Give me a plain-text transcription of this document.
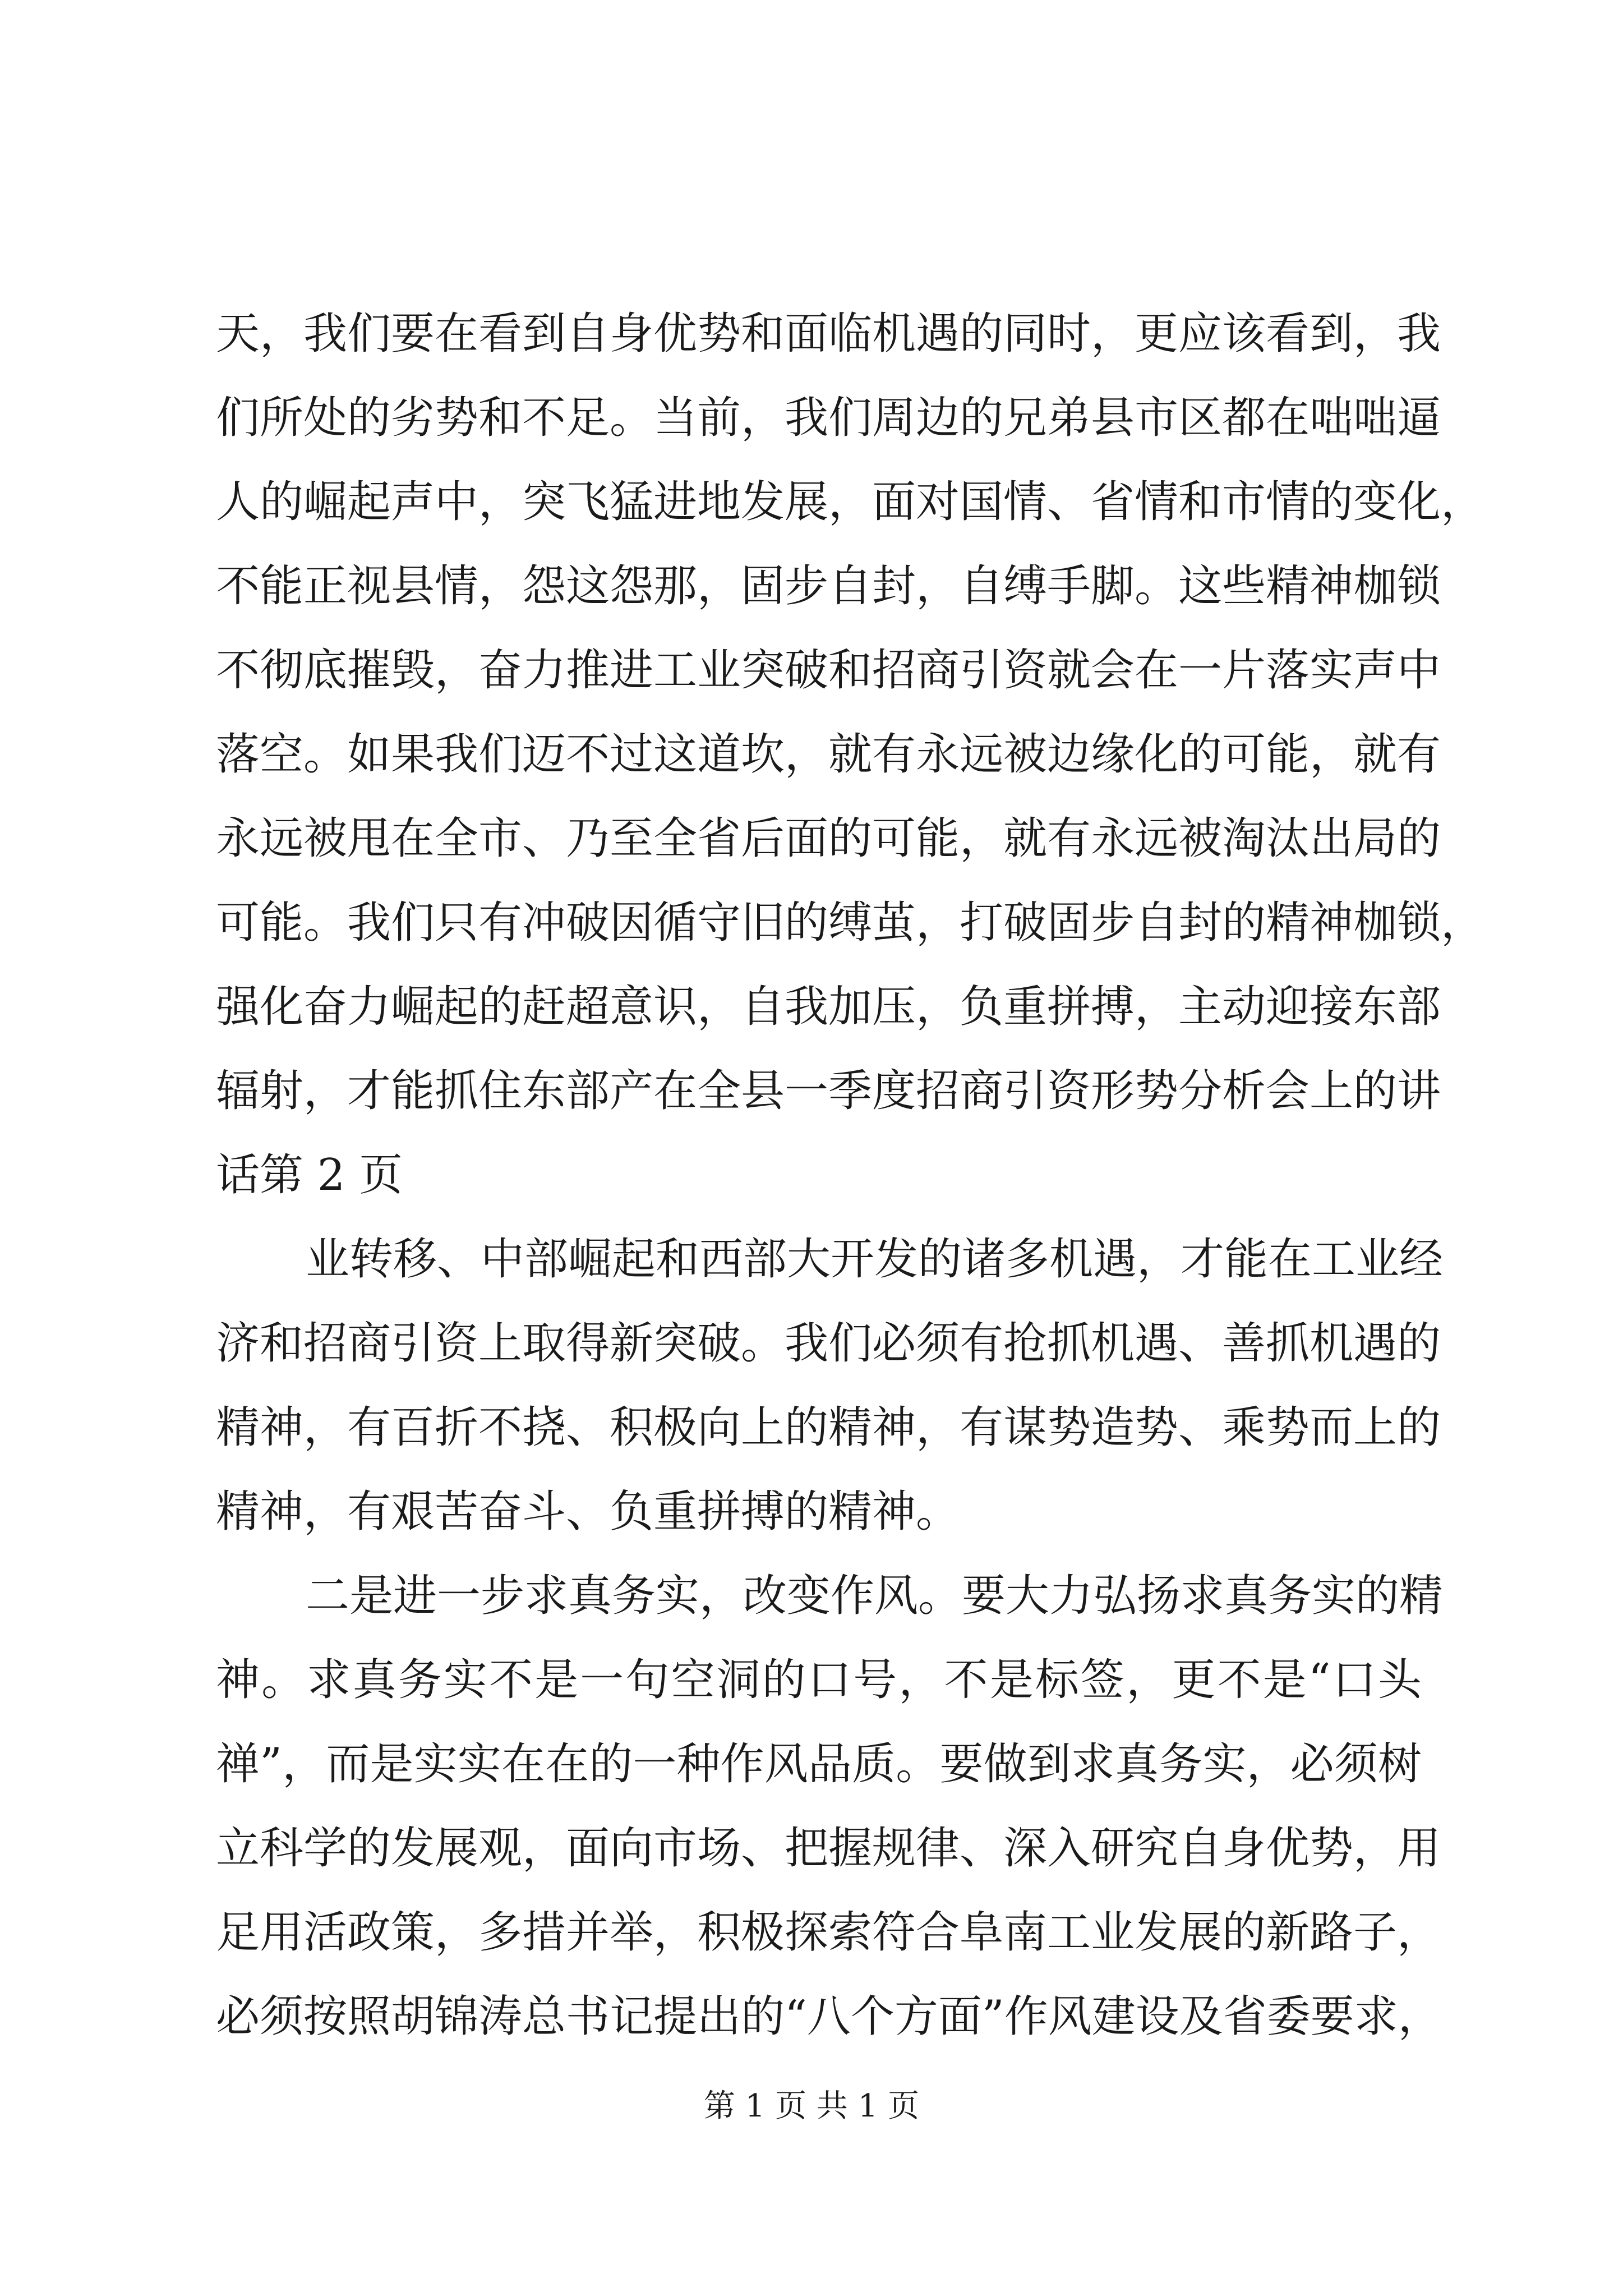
天，我们要在看到自身优势和面临机遇的同时，更应该看到，我
们所处的劣势和不足。当前，我们周边的兄弟县市区都在咄咄逼
人的崛起声中，突飞猛进地发展，面对国情、省情和市情的变化，
不能正视县情，怨这怨那，固步自封，自缚手脚。这些精神枷锁
不彻底摧毁，奋力推进工业突破和招商引资就会在一片落实声中
落空。如果我们迈不过这道坎，就有永远被边缘化的可能，就有
永远被甩在全市、乃至全省后面的可能，就有永远被淘汰出局的
可能。我们只有冲破因循守旧的缚茧，打破固步自封的精神枷锁，
强化奋力崛起的赶超意识，自我加压，负重拼搏，主动迎接东部
辐射，才能抓住东部产在全县一季度招商引资形势分析会上的讲
话第 2 页
业转移、中部崛起和西部大开发的诸多机遇，才能在工业经
济和招商引资上取得新突破。我们必须有抢抓机遇、善抓机遇的
精神，有百折不挠、积极向上的精神，有谋势造势、乘势而上的
精神，有艰苦奋斗、负重拼搏的精神。
二是进一步求真务实，改变作风。要大力弘扬求真务实的精
神。求真务实不是一句空洞的口号，不是标签，更不是“口头
禅”，而是实实在在的一种作风品质。要做到求真务实，必须树
立科学的发展观，面向市场、把握规律、深入研究自身优势，用
足用活政策，多措并举，积极探索符合阜南工业发展的新路子，
必须按照胡锦涛总书记提出的“八个方面”作风建设及省委要求，
第 1 页 共 1 页
